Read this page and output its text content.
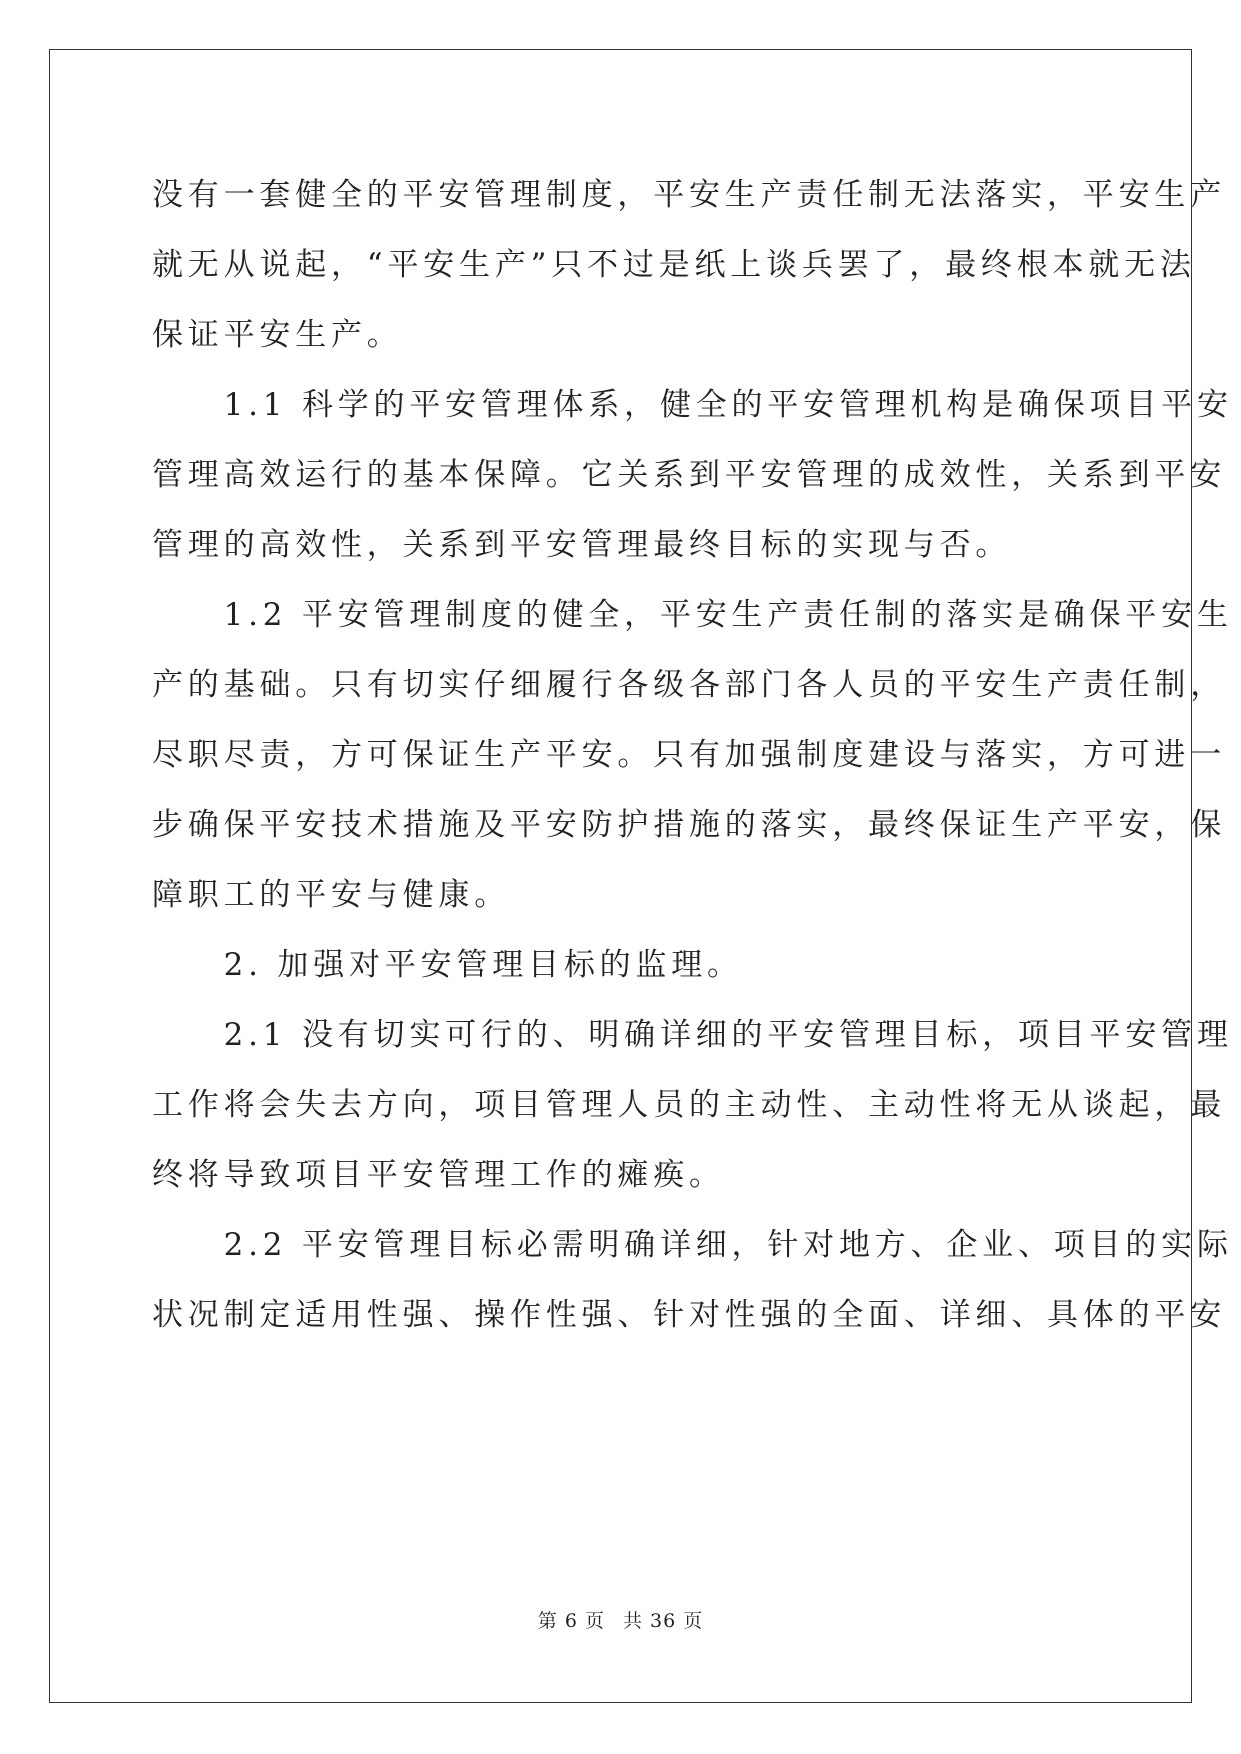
没有一套健全的平安管理制度，平安生产责任制无法落实，平安生产

就无从说起，“平安生产”只不过是纸上谈兵罢了，最终根本就无法

保证平安生产。

　　1.1 科学的平安管理体系，健全的平安管理机构是确保项目平安

管理高效运行的基本保障。它关系到平安管理的成效性，关系到平安

管理的高效性，关系到平安管理最终目标的实现与否。

　　1.2 平安管理制度的健全，平安生产责任制的落实是确保平安生

产的基础。只有切实仔细履行各级各部门各人员的平安生产责任制，

尽职尽责，方可保证生产平安。只有加强制度建设与落实，方可进一

步确保平安技术措施及平安防护措施的落实，最终保证生产平安，保

障职工的平安与健康。

　　2. 加强对平安管理目标的监理。

　　2.1 没有切实可行的、明确详细的平安管理目标，项目平安管理

工作将会失去方向，项目管理人员的主动性、主动性将无从谈起，最

终将导致项目平安管理工作的瘫痪。

　　2.2 平安管理目标必需明确详细，针对地方、企业、项目的实际

状况制定适用性强、操作性强、针对性强的全面、详细、具体的平安

第 6 页 共 36 页
